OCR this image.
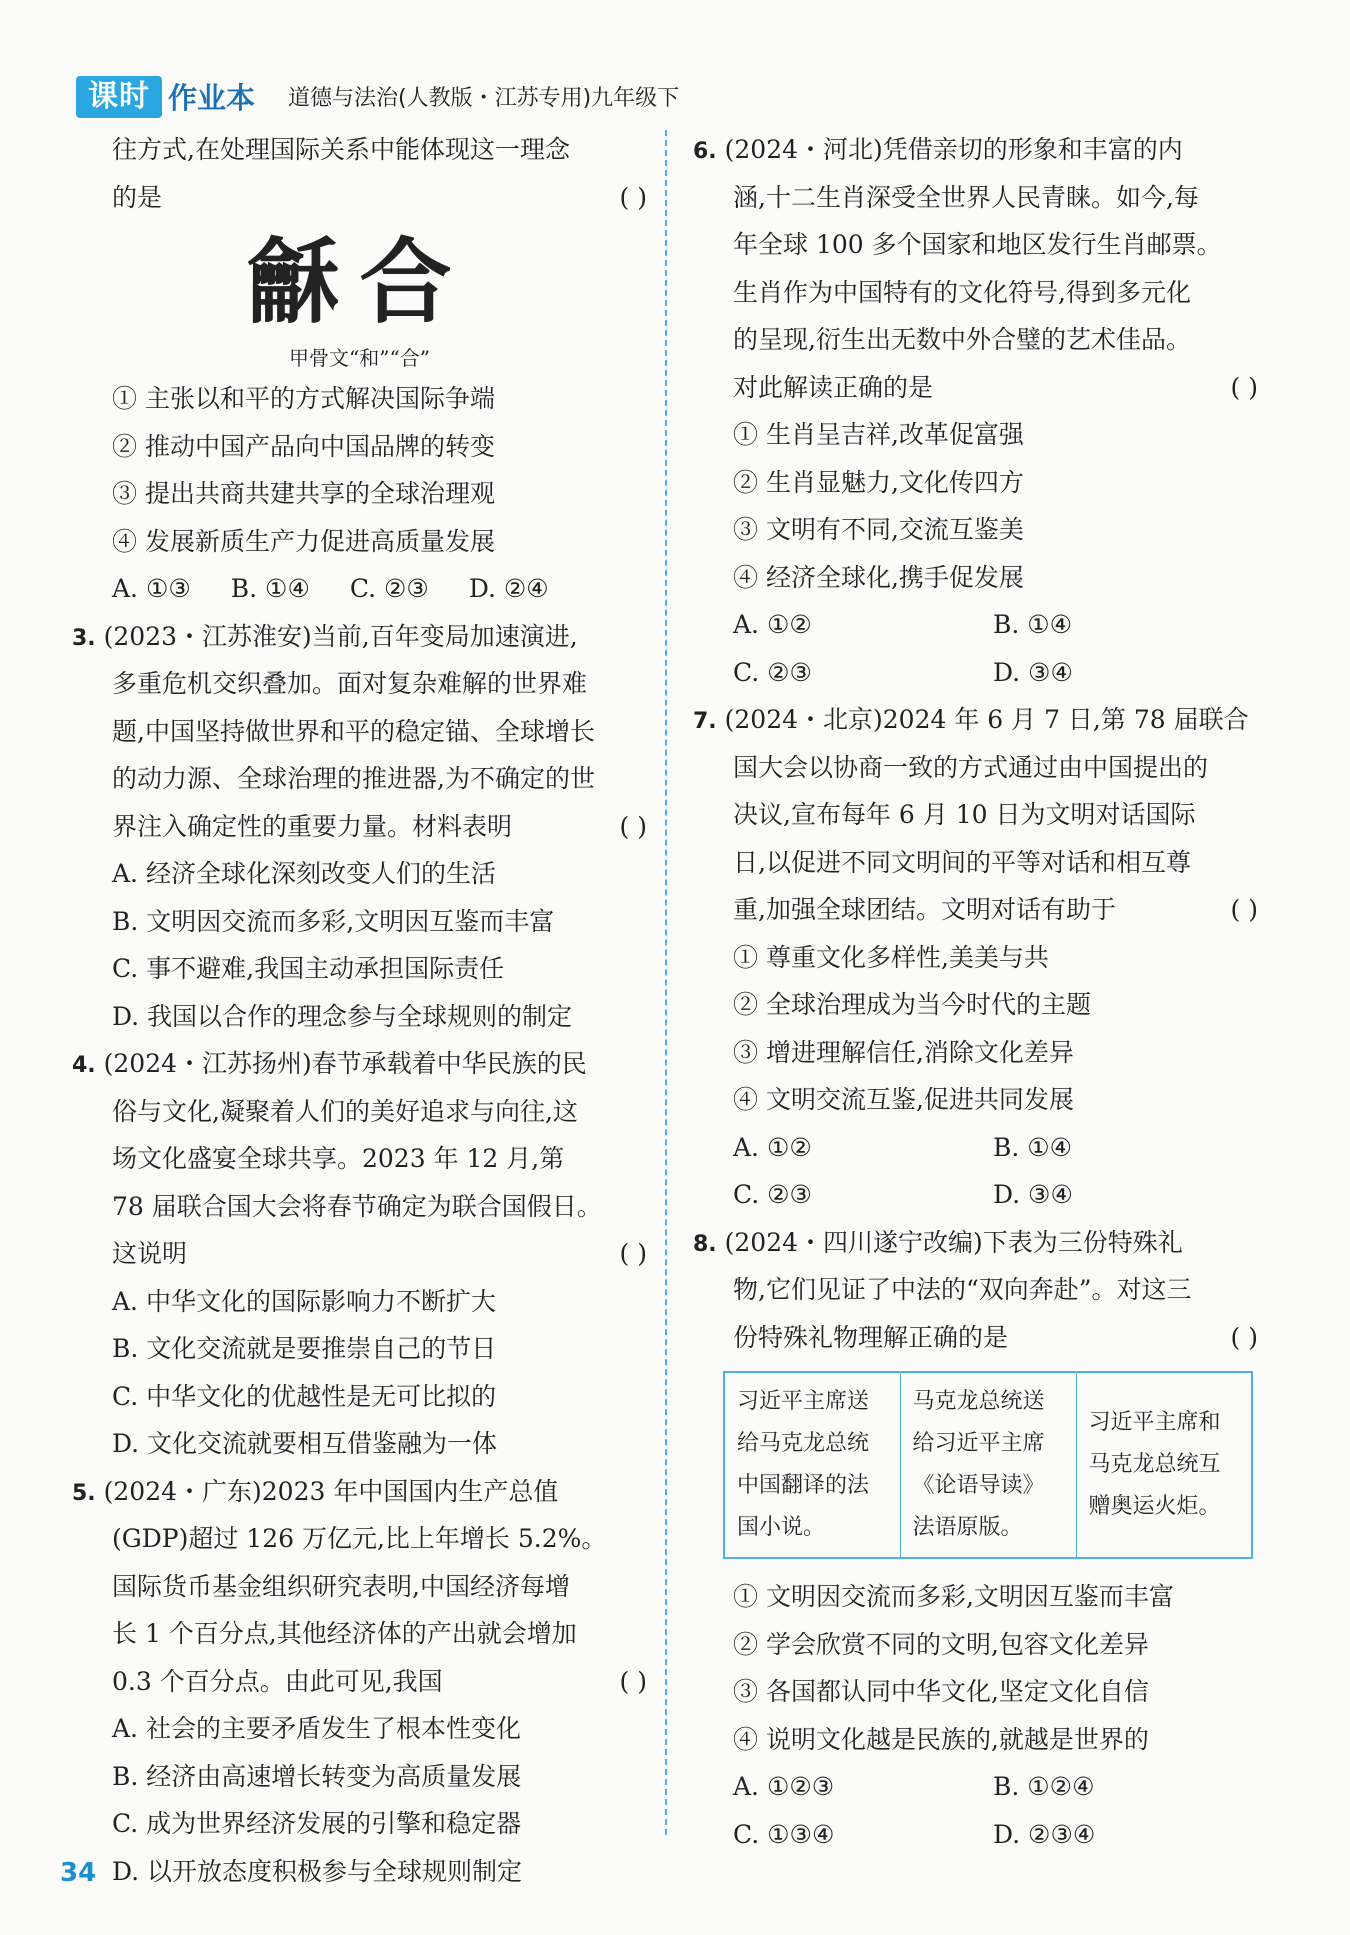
课时 作业本 道德与法治(人教版・江苏专用)九年级下
往方式,在处理国际关系中能体现这一理念
的是	( )
龢合
甲骨文“和”“合”
① 主张以和平的方式解决国际争端
② 推动中国产品向中国品牌的转变
③ 提出共商共建共享的全球治理观
④ 发展新质生产力促进高质量发展
A. ①③ B. ①④ C. ②③ D. ②④
3. (2023・江苏淮安)当前,百年变局加速演进,
多重危机交织叠加。面对复杂难解的世界难
题,中国坚持做世界和平的稳定锚、全球增长
的动力源、全球治理的推进器,为不确定的世
界注入确定性的重要力量。材料表明	( )
A. 经济全球化深刻改变人们的生活
B. 文明因交流而多彩,文明因互鉴而丰富
C. 事不避难,我国主动承担国际责任
D. 我国以合作的理念参与全球规则的制定
4. (2024・江苏扬州)春节承载着中华民族的民
俗与文化,凝聚着人们的美好追求与向往,这
场文化盛宴全球共享。2023 年 12 月,第
78 届联合国大会将春节确定为联合国假日。
这说明	( )
A. 中华文化的国际影响力不断扩大
B. 文化交流就是要推崇自己的节日
C. 中华文化的优越性是无可比拟的
D. 文化交流就要相互借鉴融为一体
5. (2024・广东)2023 年中国国内生产总值
(GDP)超过 126 万亿元,比上年增长 5.2%。
国际货币基金组织研究表明,中国经济每增
长 1 个百分点,其他经济体的产出就会增加
0.3 个百分点。由此可见,我国	( )
A. 社会的主要矛盾发生了根本性变化
B. 经济由高速增长转变为高质量发展
C. 成为世界经济发展的引擎和稳定器
D. 以开放态度积极参与全球规则制定
6. (2024・河北)凭借亲切的形象和丰富的内
涵,十二生肖深受全世界人民青睐。如今,每
年全球 100 多个国家和地区发行生肖邮票。
生肖作为中国特有的文化符号,得到多元化
的呈现,衍生出无数中外合璧的艺术佳品。
对此解读正确的是	( )
① 生肖呈吉祥,改革促富强
② 生肖显魅力,文化传四方
③ 文明有不同,交流互鉴美
④ 经济全球化,携手促发展
A. ①②	B. ①④
C. ②③	D. ③④
7. (2024・北京)2024 年 6 月 7 日,第 78 届联合
国大会以协商一致的方式通过由中国提出的
决议,宣布每年 6 月 10 日为文明对话国际
日,以促进不同文明间的平等对话和相互尊
重,加强全球团结。文明对话有助于	( )
① 尊重文化多样性,美美与共
② 全球治理成为当今时代的主题
③ 增进理解信任,消除文化差异
④ 文明交流互鉴,促进共同发展
A. ①②	B. ①④
C. ②③	D. ③④
8. (2024・四川遂宁改编)下表为三份特殊礼
物,它们见证了中法的“双向奔赴”。对这三
份特殊礼物理解正确的是	( )
习近平主席送给马克龙总统中国翻译的法国小说。	马克龙总统送给习近平主席《论语导读》法语原版。	习近平主席和马克龙总统互赠奥运火炬。
① 文明因交流而多彩,文明因互鉴而丰富
② 学会欣赏不同的文明,包容文化差异
③ 各国都认同中华文化,坚定文化自信
④ 说明文化越是民族的,就越是世界的
A. ①②③	B. ①②④
C. ①③④	D. ②③④
34
